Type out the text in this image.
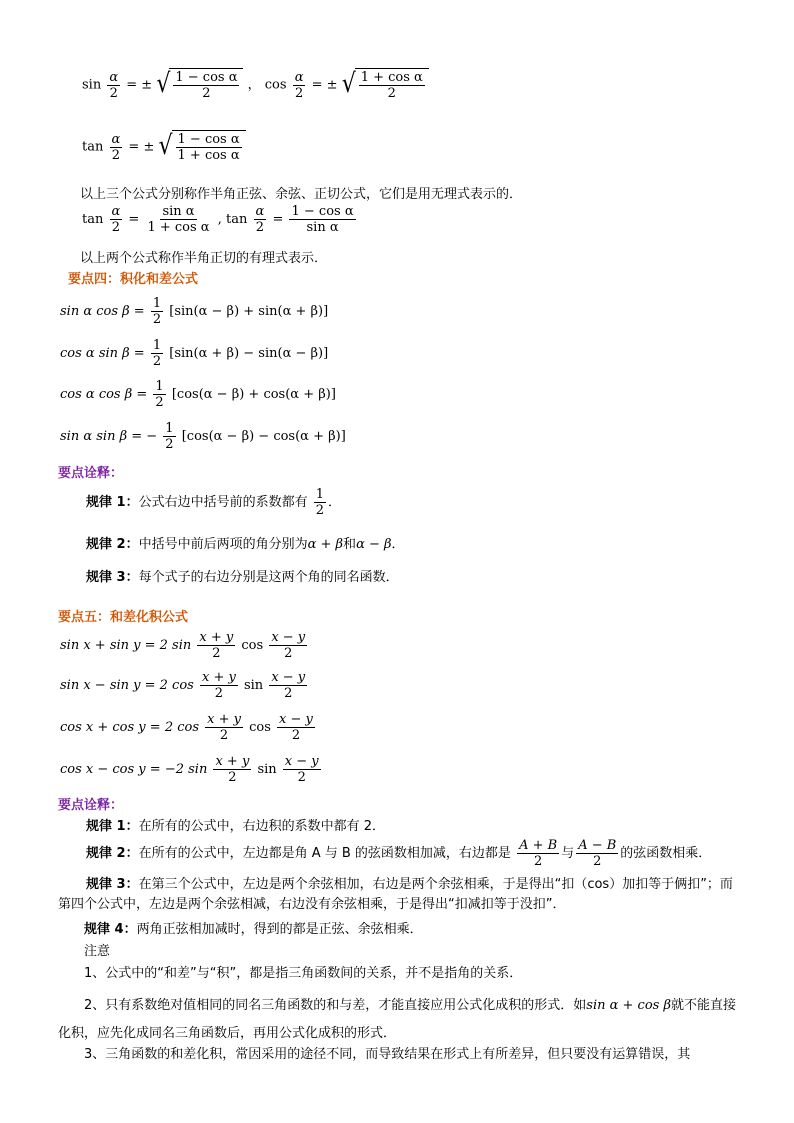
$\sin \frac{\alpha}{2}$ = ± √ $\frac{\text{1 − cos α}}{2}$ ， $\cos \frac{\alpha}{2}$ = ± √ $\frac{\text{1 + cos α}}{2}$
$\tan \frac{\alpha}{2}$ = ± √ $\frac{\text{1 − cos α}}{\text{1 + cos α}}$
以上三个公式分别称作半角正弦、余弦、正切公式，它们是用无理式表示的．
$\tan \frac{\alpha}{2} = \frac{\text{sin α}}{\text{1 + cos α}}$ , $\tan \frac{\alpha}{2} = \frac{\text{1 − cos α}}{\text{sin α}}$
以上两个公式称作半角正切的有理式表示．
要点四：积化和差公式
sin α $\cos \beta = \frac{1}{2} [\sin(\alpha - \beta) + \sin(\alpha + \beta)]$
cos α $\sin \beta = \frac{1}{2} [\sin(\alpha + \beta) - \sin(\alpha - \beta)]$
cos α $\cos \beta = \frac{1}{2} [\cos(\alpha - \beta) + \cos(\alpha + \beta)]$
sin α sin β = − $\frac{1}{2} [\cos(\alpha - \beta) - \cos(\alpha + \beta)]$
要点诠释：
规律 1：公式右边中括号前的系数都有 $\frac{1}{2}$ ．
规律 2：中括号中前后两项的角分别为α + β和α − β．
规律 3：每个式子的右边分别是这两个角的同名函数．
要点五：和差化积公式
sin x + sin y = 2 $\sin \frac{x + y}{2}$ $\cos \frac{x - y}{2}$
sin x − sin y = 2 $\cos \frac{x + y}{2}$ $\sin \frac{x - y}{2}$
cos x + cos y = 2 $\cos \frac{x + y}{2}$ $\cos \frac{x - y}{2}$
cos x − cos y = −2 $\sin \frac{x + y}{2}$ $\sin \frac{x - y}{2}$
要点诠释：
规律 1：在所有的公式中，右边积的系数中都有 2．
规律 2：在所有的公式中，左边都是角 A 与 B 的弦函数相加减，右边都是 $\frac{A + B}{2}$ 与 $\frac{A - B}{2}$ 的弦函数相乘．
规律 3：在第三个公式中，左边是两个余弦相加，右边是两个余弦相乘，于是得出“扣（cos）加扣等于俩扣”；而第四个公式中，左边是两个余弦相减，右边没有余弦相乘，于是得出“扣减扣等于没扣”．
规律 4：两角正弦相加减时，得到的都是正弦、余弦相乘．
注意
1、公式中的“和差”与“积”，都是指三角函数间的关系，并不是指角的关系．
2、只有系数绝对值相同的同名三角函数的和与差，才能直接应用公式化成积的形式．如sin α + cos β就不能直接化积，应先化成同名三角函数后，再用公式化成积的形式．
3、三角函数的和差化积，常因采用的途径不同，而导致结果在形式上有所差异，但只要没有运算错误，其
